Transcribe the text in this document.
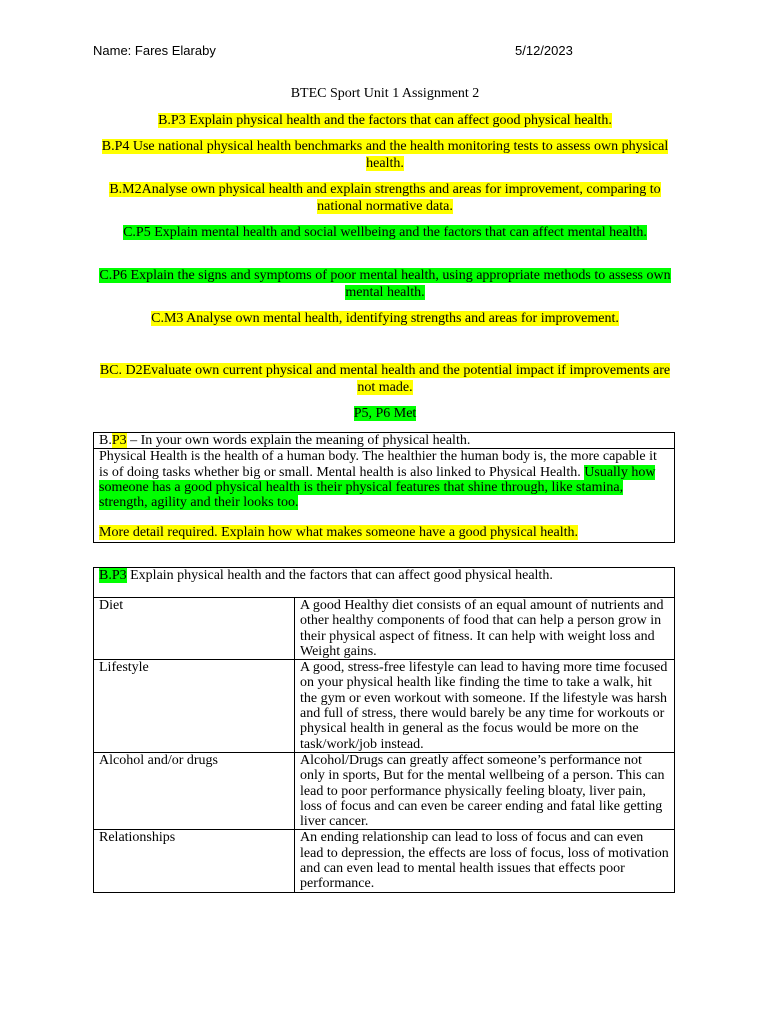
Name: Fares Elaraby	5/12/2023
BTEC Sport Unit 1 Assignment 2
B.P3 Explain physical health and the factors that can affect good physical health.
B.P4 Use national physical health benchmarks and the health monitoring tests to assess own physical health.
B.M2Analyse own physical health and explain strengths and areas for improvement, comparing to national normative data.
C.P5 Explain mental health and social wellbeing and the factors that can affect mental health.
C.P6 Explain the signs and symptoms of poor mental health, using appropriate methods to assess own mental health.
C.M3 Analyse own mental health, identifying strengths and areas for improvement.
BC. D2Evaluate own current physical and mental health and the potential impact if improvements are not made.
P5, P6 Met
B.P3 – In your own words explain the meaning of physical health.
Physical Health is the health of a human body. The healthier the human body is, the more capable it is of doing tasks whether big or small. Mental health is also linked to Physical Health. Usually how someone has a good physical health is their physical features that shine through, like stamina, strength, agility and their looks too.
More detail required. Explain how what makes someone have a good physical health.
B.P3 Explain physical health and the factors that can affect good physical health.	
Diet	A good Healthy diet consists of an equal amount of nutrients and other healthy components of food that can help a person grow in their physical aspect of fitness. It can help with weight loss and Weight gains.
Lifestyle	A good, stress-free lifestyle can lead to having more time focused on your physical health like finding the time to take a walk, hit the gym or even workout with someone. If the lifestyle was harsh and full of stress, there would barely be any time for workouts or physical health in general as the focus would be more on the task/work/job instead.
Alcohol and/or drugs	Alcohol/Drugs can greatly affect someone’s performance not only in sports, But for the mental wellbeing of a person. This can lead to poor performance physically feeling bloaty, liver pain, loss of focus and can even be career ending and fatal like getting liver cancer.
Relationships	An ending relationship can lead to loss of focus and can even lead to depression, the effects are loss of focus, loss of motivation and can even lead to mental health issues that effects poor performance.
